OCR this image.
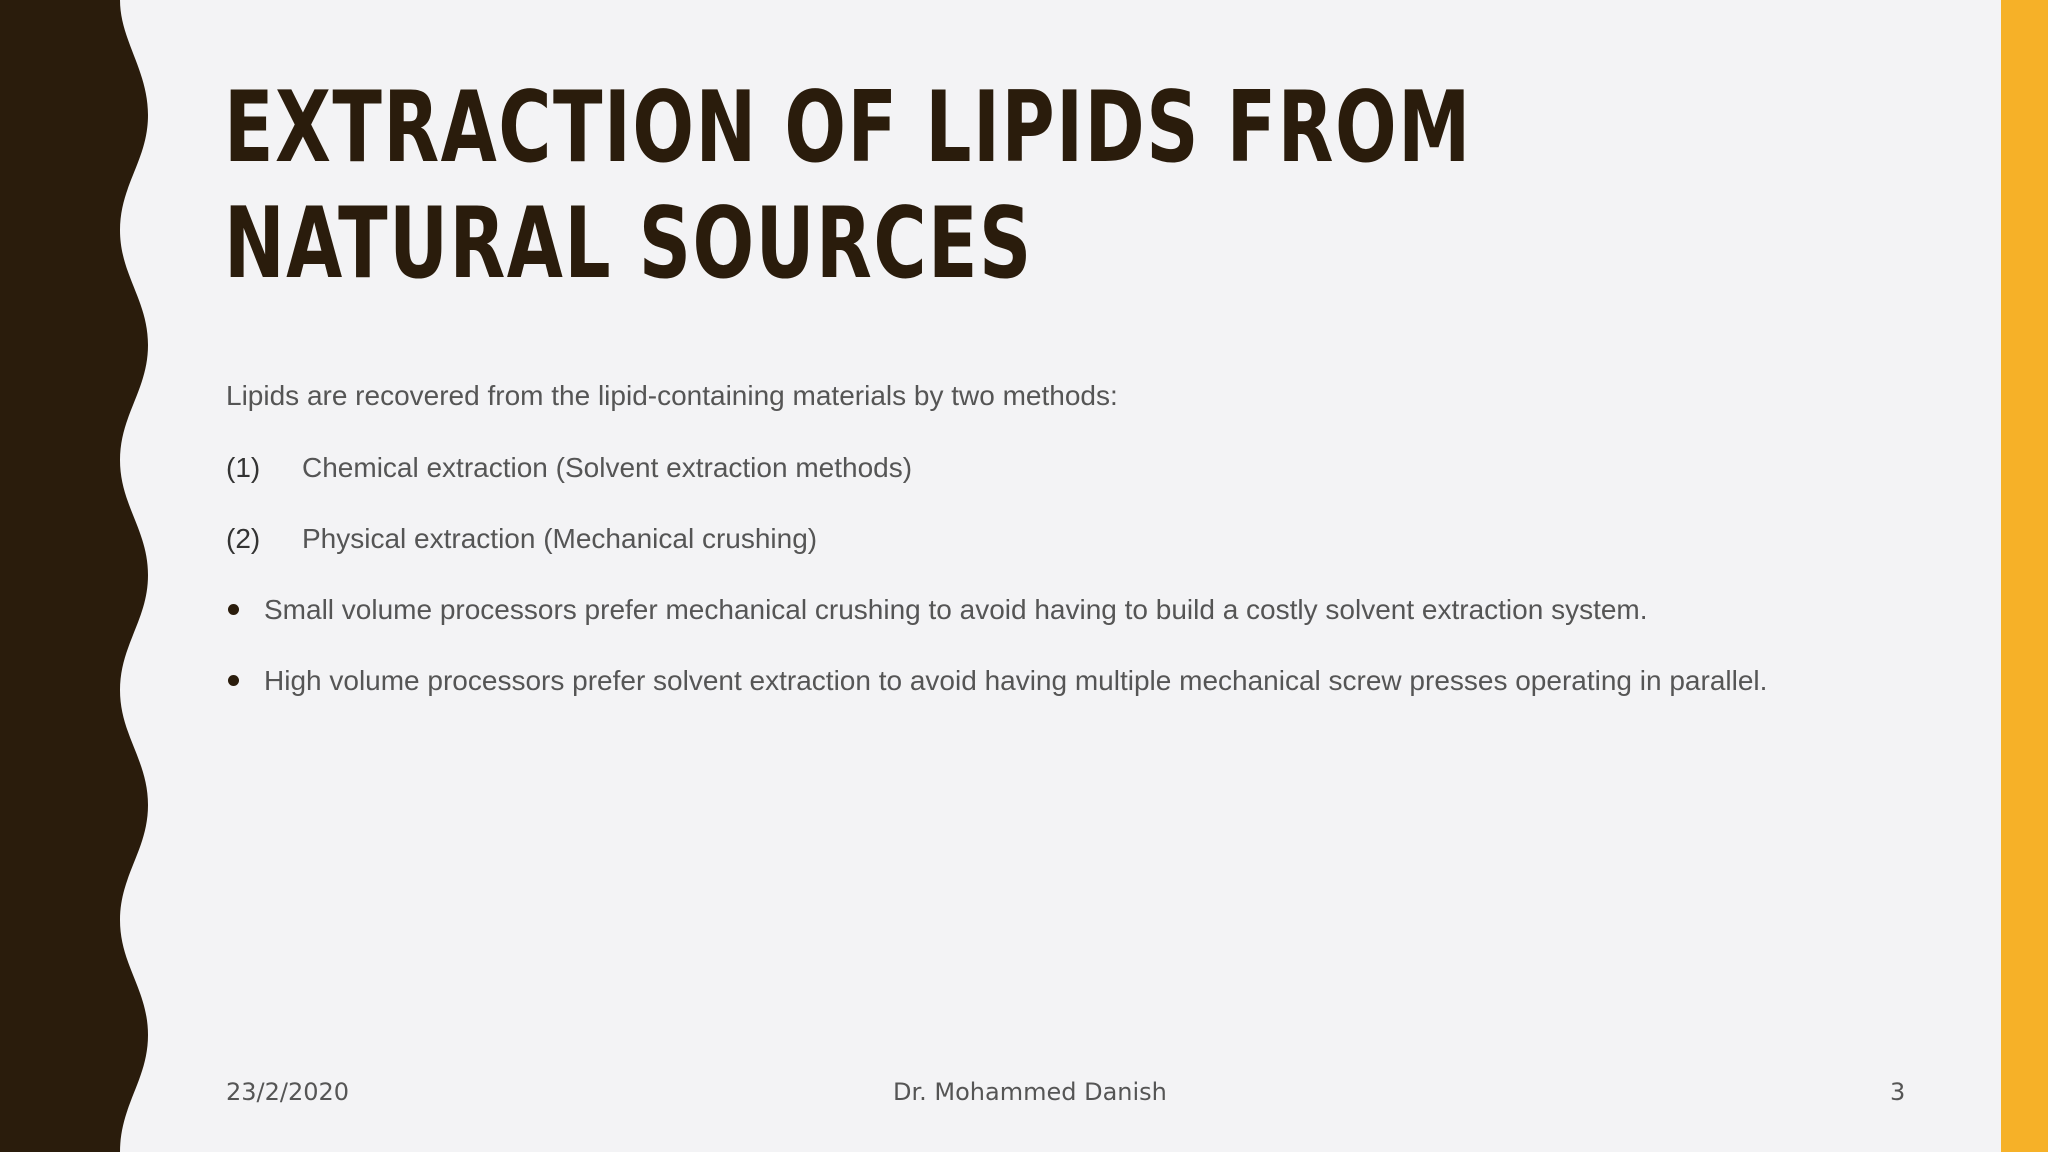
EXTRACTION OF LIPIDS FROM
NATURAL SOURCES
Lipids are recovered from the lipid-containing materials by two methods:
(1) Chemical extraction (Solvent extraction methods)
(2) Physical extraction (Mechanical crushing)
Small volume processors prefer mechanical crushing to avoid having to build a costly solvent extraction system.
High volume processors prefer solvent extraction to avoid having multiple mechanical screw presses operating in parallel.
23/2/2020	Dr. Mohammed Danish	3
